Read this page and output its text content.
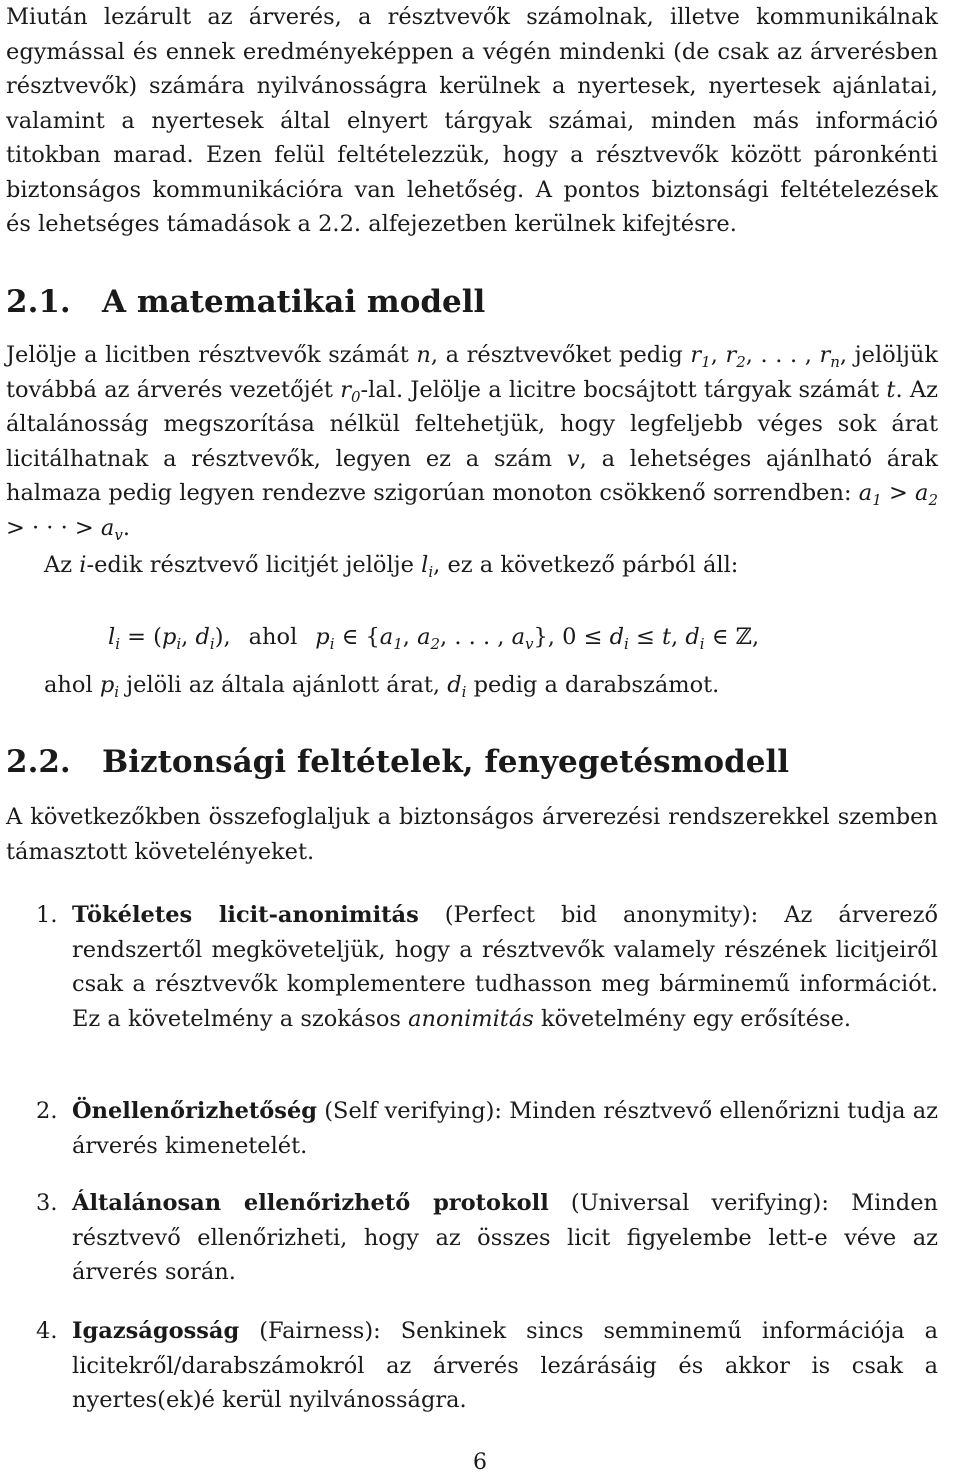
Miután lezárult az árverés, a résztvevők számolnak, illetve kommunikálnak egymással és ennek eredményeképpen a végén mindenki (de csak az árverésben résztvevők) számára nyilvánosságra kerülnek a nyertesek, nyertesek ajánlatai, valamint a nyertesek által elnyert tárgyak számai, minden más információ titokban marad. Ezen felül feltételezzük, hogy a résztvevők között páronkénti biztonságos kommunikációra van lehetőség. A pontos biztonsági feltételezések és lehetséges támadások a 2.2. alfejezetben kerülnek kifejtésre.

2.1. A matematikai modell

Jelölje a licitben résztvevők számát n, a résztvevőket pedig $r_1$, $r_2$, . . . , $r_n$, jelöljük továbbá az árverés vezetőjét $r_0$-lal. Jelölje a licitre bocsájtott tárgyak számát t. Az általánosság megszorítása nélkül feltehetjük, hogy legfeljebb véges sok árat licitálhatnak a résztvevők, legyen ez a szám v, a lehetséges ajánlható árak halmaza pedig legyen rendezve szigorúan monoton csökkenő sorrendben: $a_1 > a_2$ > · · · > $a_v$.

Az i-edik résztvevő licitjét jelölje $l_i$, ez a következő párból áll:

$l_i = (p_i$, $d_i$), ahol $p_i$ ∈ {$a_1$, $a_2$, . . . , $a_v$}, $0 \le d_i \le t$, $d_i$ ∈ ℤ,

ahol $p_i$ jelöli az általa ajánlott árat, $d_i$ pedig a darabszámot.

2.2. Biztonsági feltételek, fenyegetésmodell

A következőkben összefoglaljuk a biztonságos árverezési rendszerekkel szemben támasztott követelényeket.

1. Tökéletes licit-anonimitás (Perfect bid anonymity): Az árverező rendszertől megköveteljük, hogy a résztvevők valamely részének licitjeiről csak a résztvevők komplementere tudhasson meg bárminemű információt. Ez a követelmény a szokásos anonimitás követelmény egy erősítése.
2. Önellenőrizhetőség (Self verifying): Minden résztvevő ellenőrizni tudja az árverés kimenetelét.
3. Általánosan ellenőrizhető protokoll (Universal verifying): Minden résztvevő ellenőrizheti, hogy az összes licit figyelembe lett-e véve az árverés során.
4. Igazságosság (Fairness): Senkinek sincs semminemű információja a licitekről/darabszámokról az árverés lezárásáig és akkor is csak a nyertes(ek)é kerül nyilvánosságra.
6
